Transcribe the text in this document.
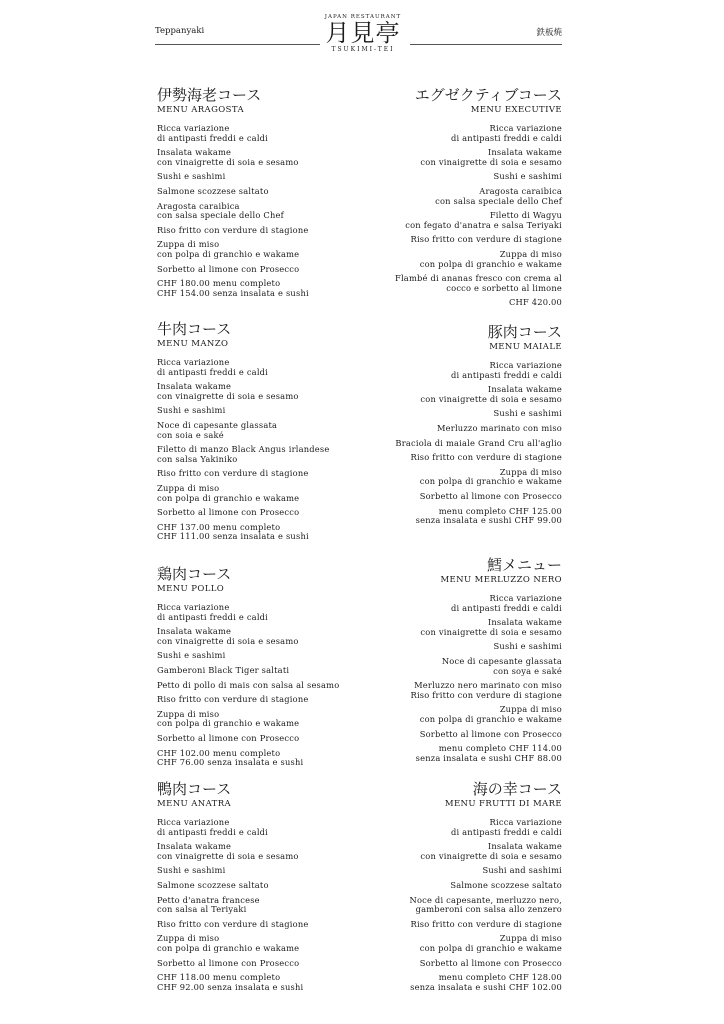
Teppanyaki
JAPAN RESTAURANT
月見亭
TSUKIMI-TEI
鉄板焼
伊勢海老コース
MENU ARAGOSTA
Ricca variazione
di antipasti freddi e caldi
Insalata wakame
con vinaigrette di soia e sesamo
Sushi e sashimi
Salmone scozzese saltato
Aragosta caraibica
con salsa speciale dello Chef
Riso fritto con verdure di stagione
Zuppa di miso
con polpa di granchio e wakame
Sorbetto al limone con Prosecco
CHF 180.00 menu completo
CHF 154.00 senza insalata e sushi
エグゼクティブコース
MENU EXECUTIVE
Ricca variazione
di antipasti freddi e caldi
Insalata wakame
con vinaigrette di soia e sesamo
Sushi e sashimi
Aragosta caraibica
con salsa speciale dello Chef
Filetto di Wagyu
con fegato d'anatra e salsa Teriyaki
Riso fritto con verdure di stagione
Zuppa di miso
con polpa di granchio e wakame
Flambé di ananas fresco con crema al
cocco e sorbetto al limone
CHF 420.00
牛肉コース
MENU MANZO
Ricca variazione
di antipasti freddi e caldi
Insalata wakame
con vinaigrette di soia e sesamo
Sushi e sashimi
Noce di capesante glassata
con soia e saké
Filetto di manzo Black Angus irlandese
con salsa Yakiniko
Riso fritto con verdure di stagione
Zuppa di miso
con polpa di granchio e wakame
Sorbetto al limone con Prosecco
CHF 137.00 menu completo
CHF 111.00 senza insalata e sushi
豚肉コース
MENU MAIALE
Ricca variazione
di antipasti freddi e caldi
Insalata wakame
con vinaigrette di soia e sesamo
Sushi e sashimi
Merluzzo marinato con miso
Braciola di maiale Grand Cru all'aglio
Riso fritto con verdure di stagione
Zuppa di miso
con polpa di granchio e wakame
Sorbetto al limone con Prosecco
menu completo CHF 125.00
senza insalata e sushi CHF 99.00
鶏肉コース
MENU POLLO
Ricca variazione
di antipasti freddi e caldi
Insalata wakame
con vinaigrette di soia e sesamo
Sushi e sashimi
Gamberoni Black Tiger saltati
Petto di pollo di mais con salsa al sesamo
Riso fritto con verdure di stagione
Zuppa di miso
con polpa di granchio e wakame
Sorbetto al limone con Prosecco
CHF 102.00 menu completo
CHF 76.00 senza insalata e sushi
鱈メニュー
MENU MERLUZZO NERO
Ricca variazione
di antipasti freddi e caldi
Insalata wakame
con vinaigrette di soia e sesamo
Sushi e sashimi
Noce di capesante glassata
con soya e saké
Merluzzo nero marinato con miso
Riso fritto con verdure di stagione
Zuppa di miso
con polpa di granchio e wakame
Sorbetto al limone con Prosecco
menu completo CHF 114.00
senza insalata e sushi CHF 88.00
鴨肉コース
MENU ANATRA
Ricca variazione
di antipasti freddi e caldi
Insalata wakame
con vinaigrette di soia e sesamo
Sushi e sashimi
Salmone scozzese saltato
Petto d'anatra francese
con salsa al Teriyaki
Riso fritto con verdure di stagione
Zuppa di miso
con polpa di granchio e wakame
Sorbetto al limone con Prosecco
CHF 118.00 menu completo
CHF 92.00 senza insalata e sushi
海の幸コース
MENU FRUTTI DI MARE
Ricca variazione
di antipasti freddi e caldi
Insalata wakame
con vinaigrette di soia e sesamo
Sushi and sashimi
Salmone scozzese saltato
Noce di capesante, merluzzo nero,
gamberoni con salsa allo zenzero
Riso fritto con verdure di stagione
Zuppa di miso
con polpa di granchio e wakame
Sorbetto al limone con Prosecco
menu completo CHF 128.00
senza insalata e sushi CHF 102.00
